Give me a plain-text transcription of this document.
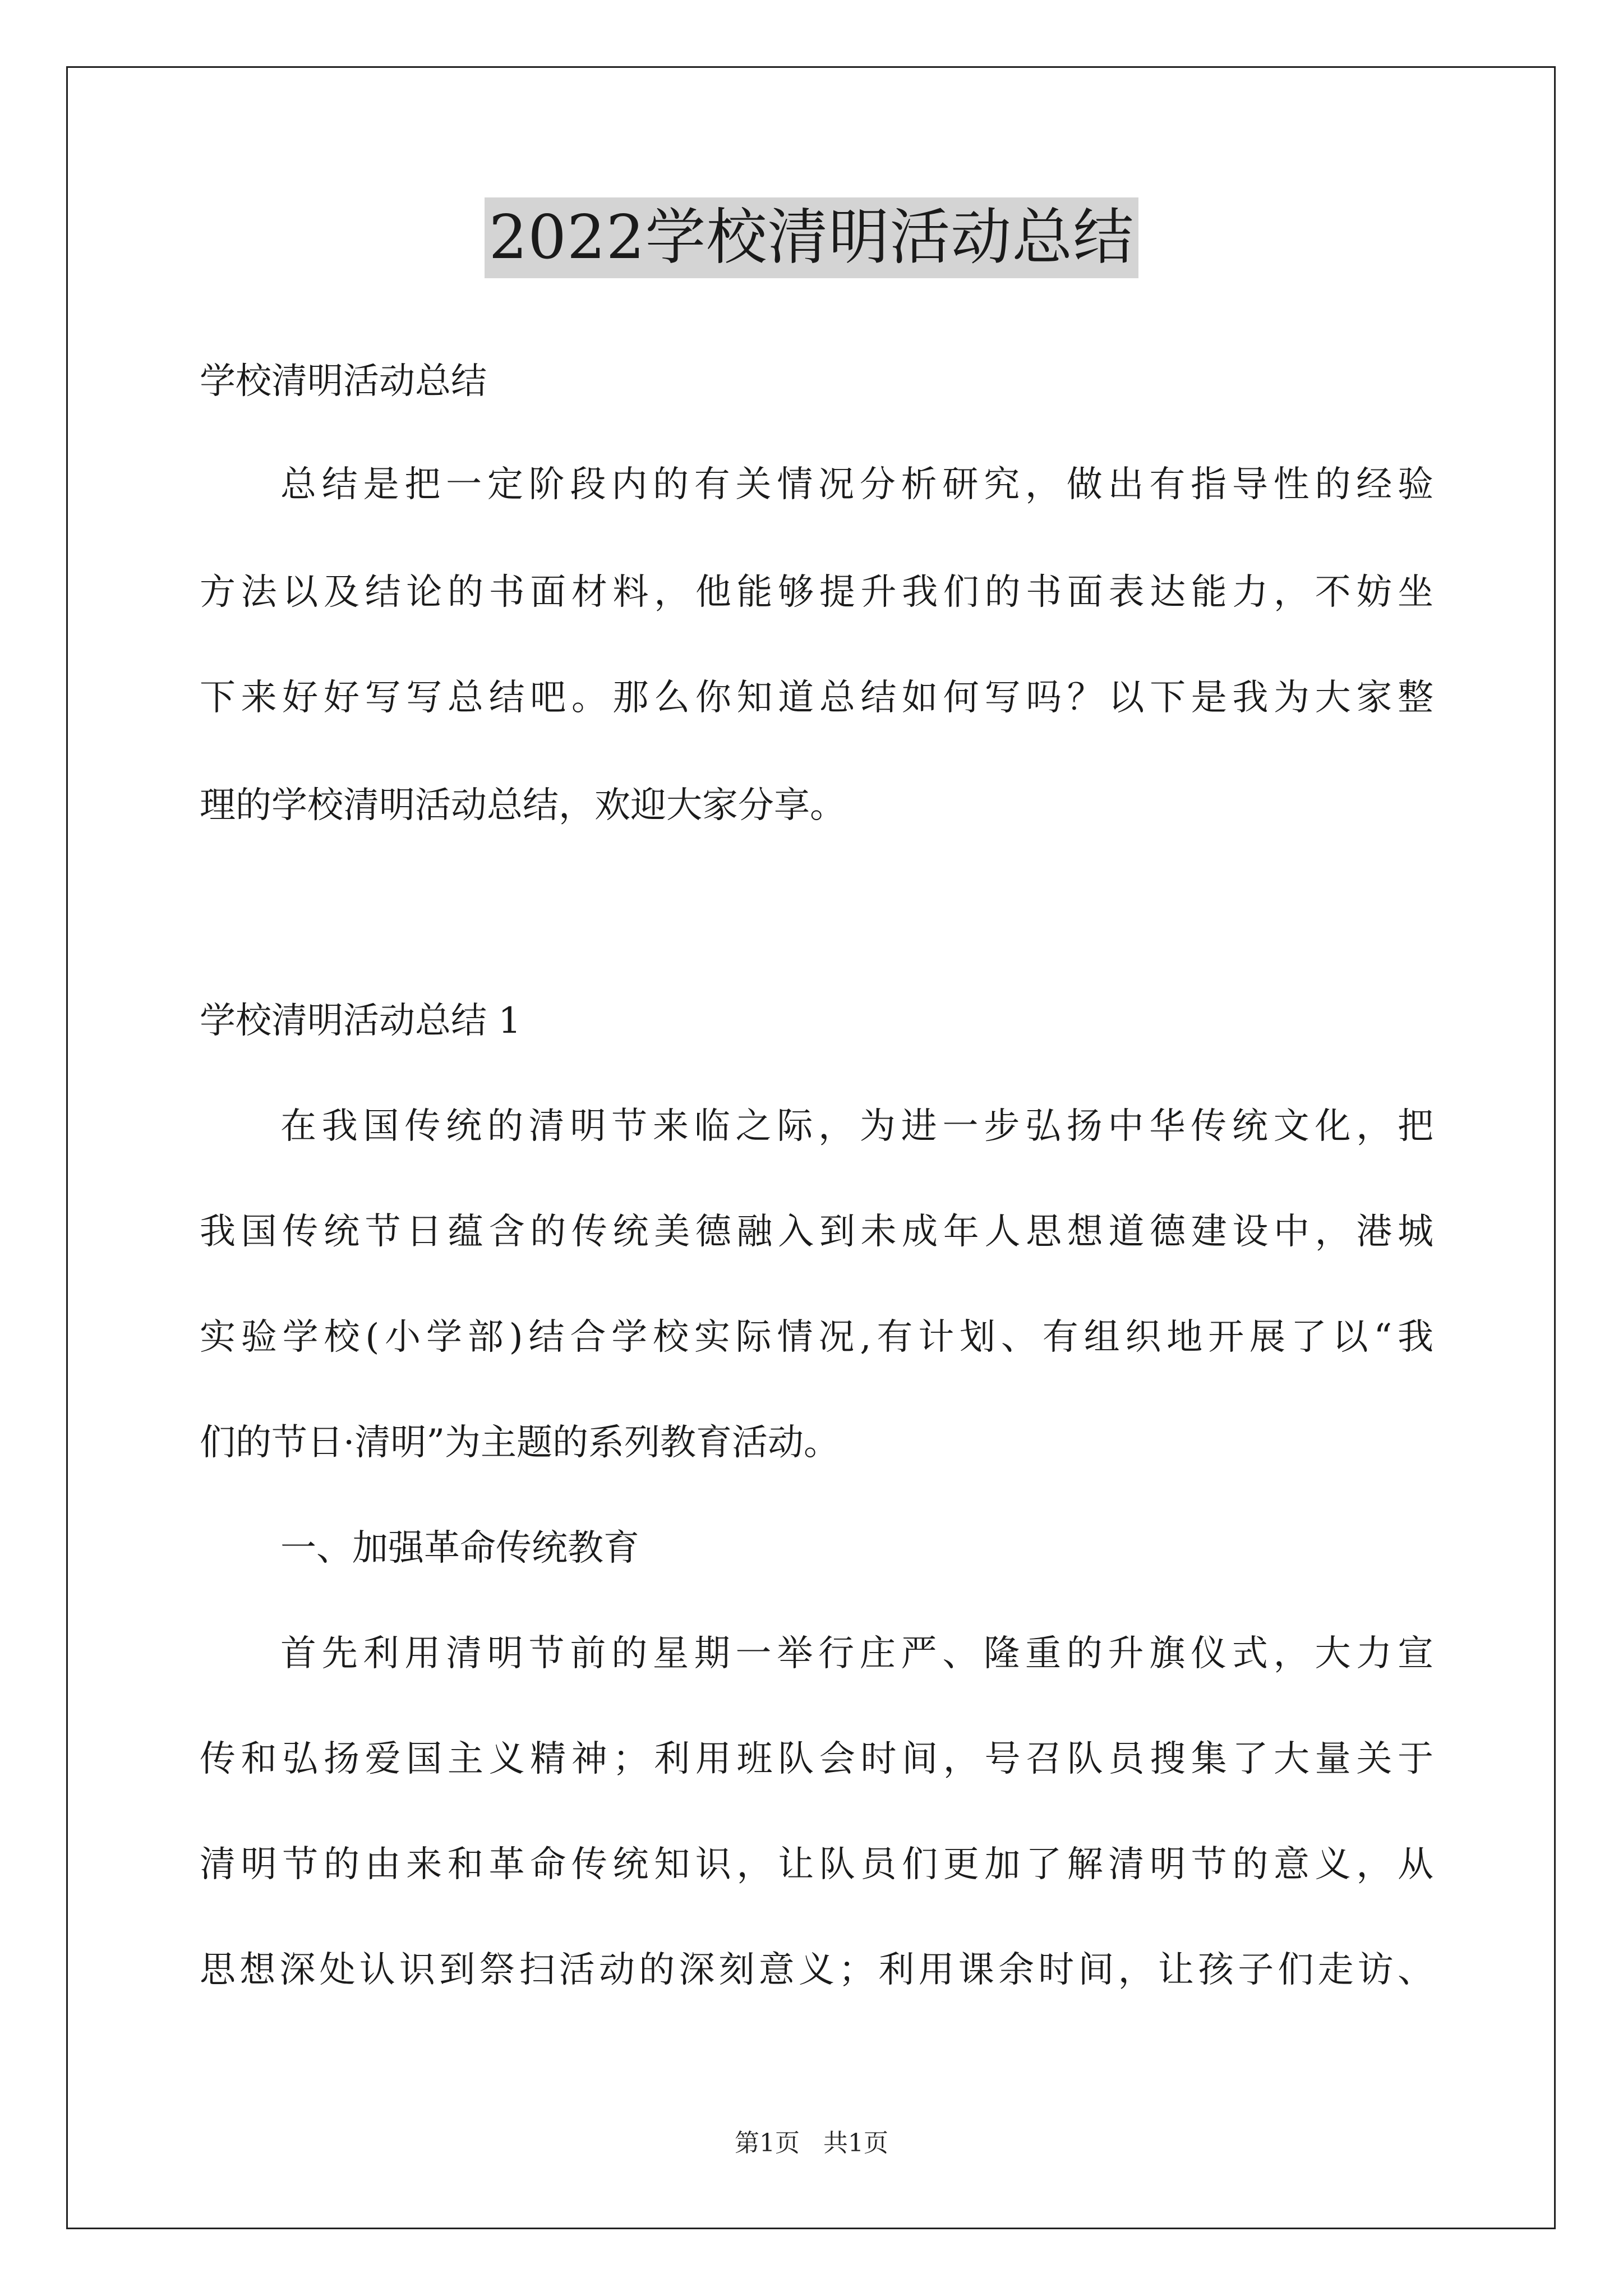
2022学校清明活动总结

学校清明活动总结

总结是把一定阶段内的有关情况分析研究，做出有指导性的经验

方法以及结论的书面材料，他能够提升我们的书面表达能力，不妨坐

下来好好写写总结吧。那么你知道总结如何写吗？以下是我为大家整

理的学校清明活动总结，欢迎大家分享。

学校清明活动总结 1

在我国传统的清明节来临之际，为进一步弘扬中华传统文化，把

我国传统节日蕴含的传统美德融入到未成年人思想道德建设中，港城

实验学校(小学部)结合学校实际情况,有计划、有组织地开展了以“我

们的节日·清明”为主题的系列教育活动。

一、加强革命传统教育

首先利用清明节前的星期一举行庄严、隆重的升旗仪式，大力宣

传和弘扬爱国主义精神；利用班队会时间，号召队员搜集了大量关于

清明节的由来和革命传统知识，让队员们更加了解清明节的意义，从

思想深处认识到祭扫活动的深刻意义；利用课余时间，让孩子们走访、

第1页 共1页
